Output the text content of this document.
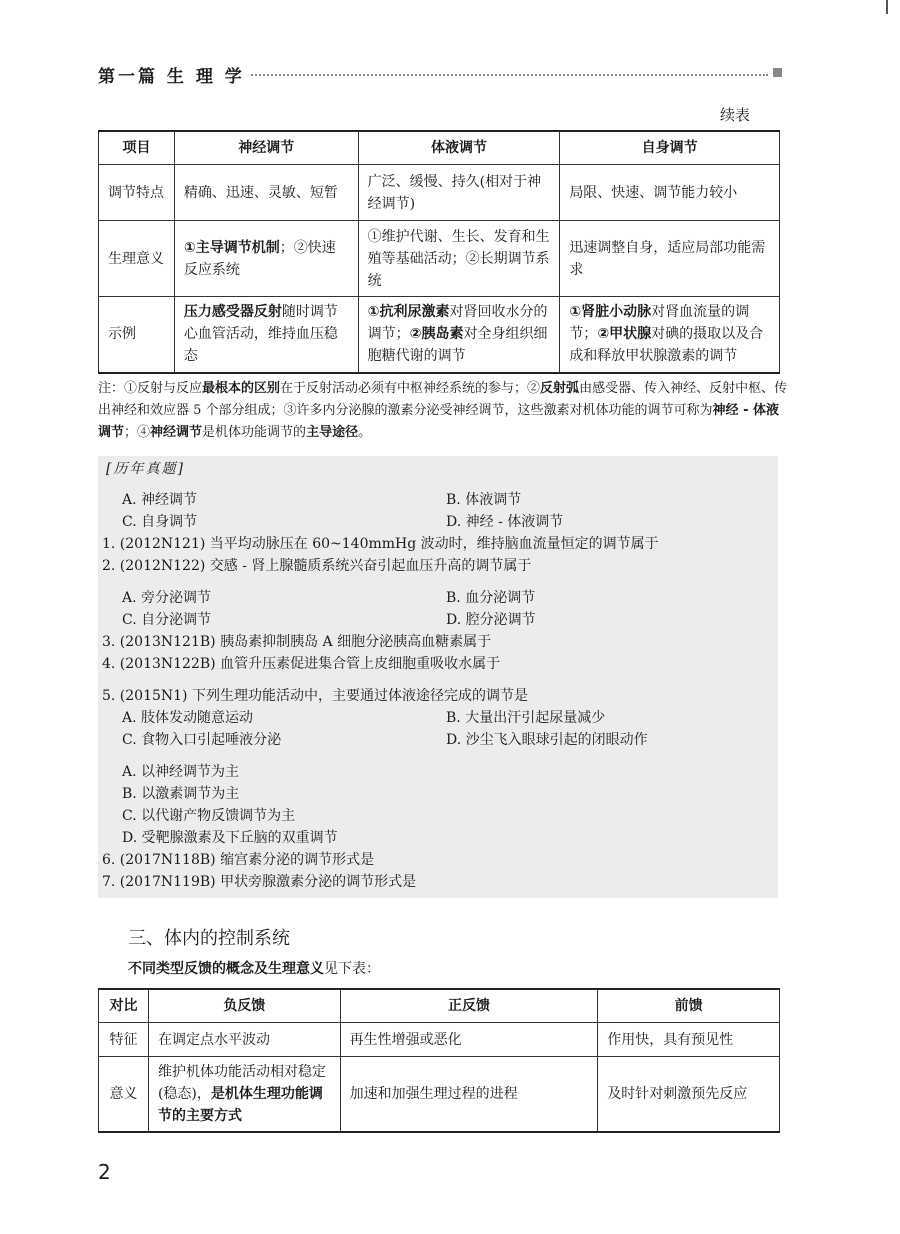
第一篇 生 理 学
续表
项目	神经调节	体液调节	自身调节
调节特点	精确、迅速、灵敏、短暂	广泛、缓慢、持久(相对于神经调节)	局限、快速、调节能力较小
生理意义	①主导调节机制；②快速反应系统	①维护代谢、生长、发育和生殖等基础活动；②长期调节系统	迅速调整自身，适应局部功能需求
示例	压力感受器反射随时调节心血管活动，维持血压稳态	①抗利尿激素对肾回收水分的调节；②胰岛素对全身组织细胞糖代谢的调节	①肾脏小动脉对肾血流量的调节；②甲状腺对碘的摄取以及合成和释放甲状腺激素的调节
注：①反射与反应最根本的区别在于反射活动必须有中枢神经系统的参与；②反射弧由感受器、传入神经、反射中枢、传出神经和效应器 5 个部分组成；③许多内分泌腺的激素分泌受神经调节，这些激素对机体功能的调节可称为神经 - 体液调节；④神经调节是机体功能调节的主导途径。
[历年真题]
A. 神经调节	B. 体液调节
C. 自身调节	D. 神经 - 体液调节
1. (2012N121) 当平均动脉压在 60~140mmHg 波动时，维持脑血流量恒定的调节属于
2. (2012N122) 交感 - 肾上腺髓质系统兴奋引起血压升高的调节属于
A. 旁分泌调节	B. 血分泌调节
C. 自分泌调节	D. 腔分泌调节
3. (2013N121B) 胰岛素抑制胰岛 A 细胞分泌胰高血糖素属于
4. (2013N122B) 血管升压素促进集合管上皮细胞重吸收水属于
5. (2015N1) 下列生理功能活动中，主要通过体液途径完成的调节是
A. 肢体发动随意运动	B. 大量出汗引起尿量减少
C. 食物入口引起唾液分泌	D. 沙尘飞入眼球引起的闭眼动作
A. 以神经调节为主
B. 以激素调节为主
C. 以代谢产物反馈调节为主
D. 受靶腺激素及下丘脑的双重调节
6. (2017N118B) 缩宫素分泌的调节形式是
7. (2017N119B) 甲状旁腺激素分泌的调节形式是
三、体内的控制系统
不同类型反馈的概念及生理意义见下表：
对比	负反馈	正反馈	前馈
特征	在调定点水平波动	再生性增强或恶化	作用快，具有预见性
意义	维护机体功能活动相对稳定(稳态)，是机体生理功能调节的主要方式	加速和加强生理过程的进程	及时针对刺激预先反应
2
